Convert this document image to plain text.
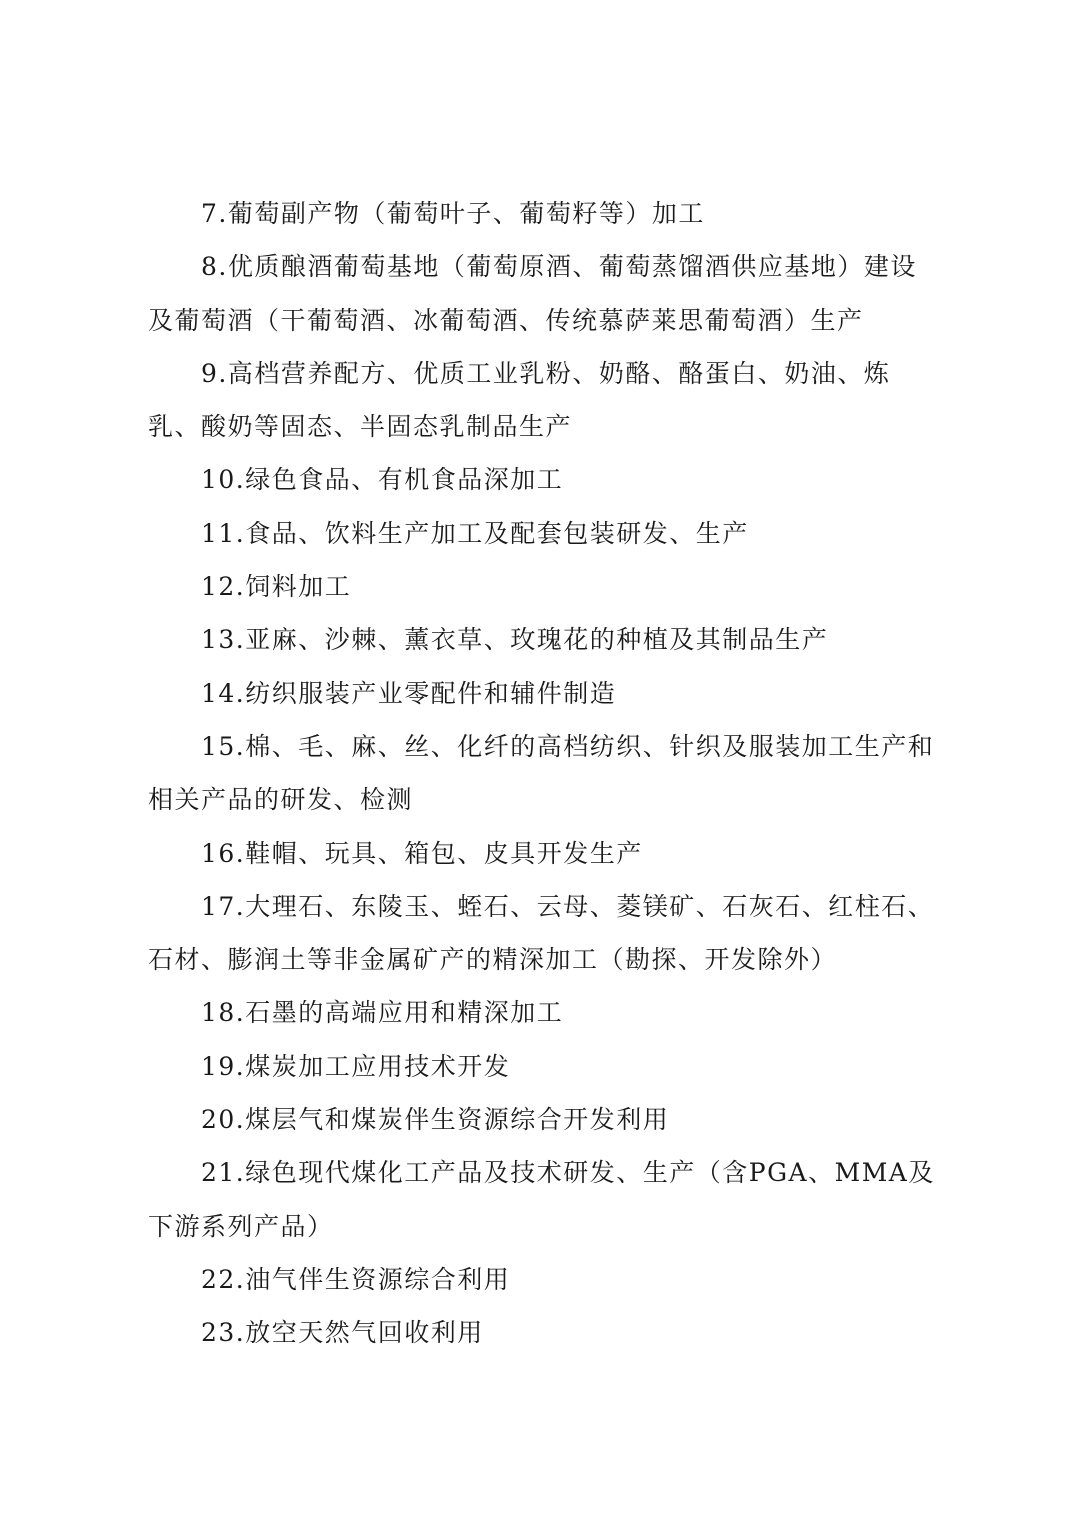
7.葡萄副产物（葡萄叶子、葡萄籽等）加工

8.优质酿酒葡萄基地（葡萄原酒、葡萄蒸馏酒供应基地）建设及葡萄酒（干葡萄酒、冰葡萄酒、传统慕萨莱思葡萄酒）生产

9.高档营养配方、优质工业乳粉、奶酪、酪蛋白、奶油、炼乳、酸奶等固态、半固态乳制品生产

10.绿色食品、有机食品深加工

11.食品、饮料生产加工及配套包装研发、生产

12.饲料加工

13.亚麻、沙棘、薰衣草、玫瑰花的种植及其制品生产

14.纺织服装产业零配件和辅件制造

15.棉、毛、麻、丝、化纤的高档纺织、针织及服装加工生产和相关产品的研发、检测

16.鞋帽、玩具、箱包、皮具开发生产

17.大理石、东陵玉、蛭石、云母、菱镁矿、石灰石、红柱石、石材、膨润土等非金属矿产的精深加工（勘探、开发除外）

18.石墨的高端应用和精深加工

19.煤炭加工应用技术开发

20.煤层气和煤炭伴生资源综合开发利用

21.绿色现代煤化工产品及技术研发、生产（含PGA、MMA及下游系列产品）

22.油气伴生资源综合利用

23.放空天然气回收利用
